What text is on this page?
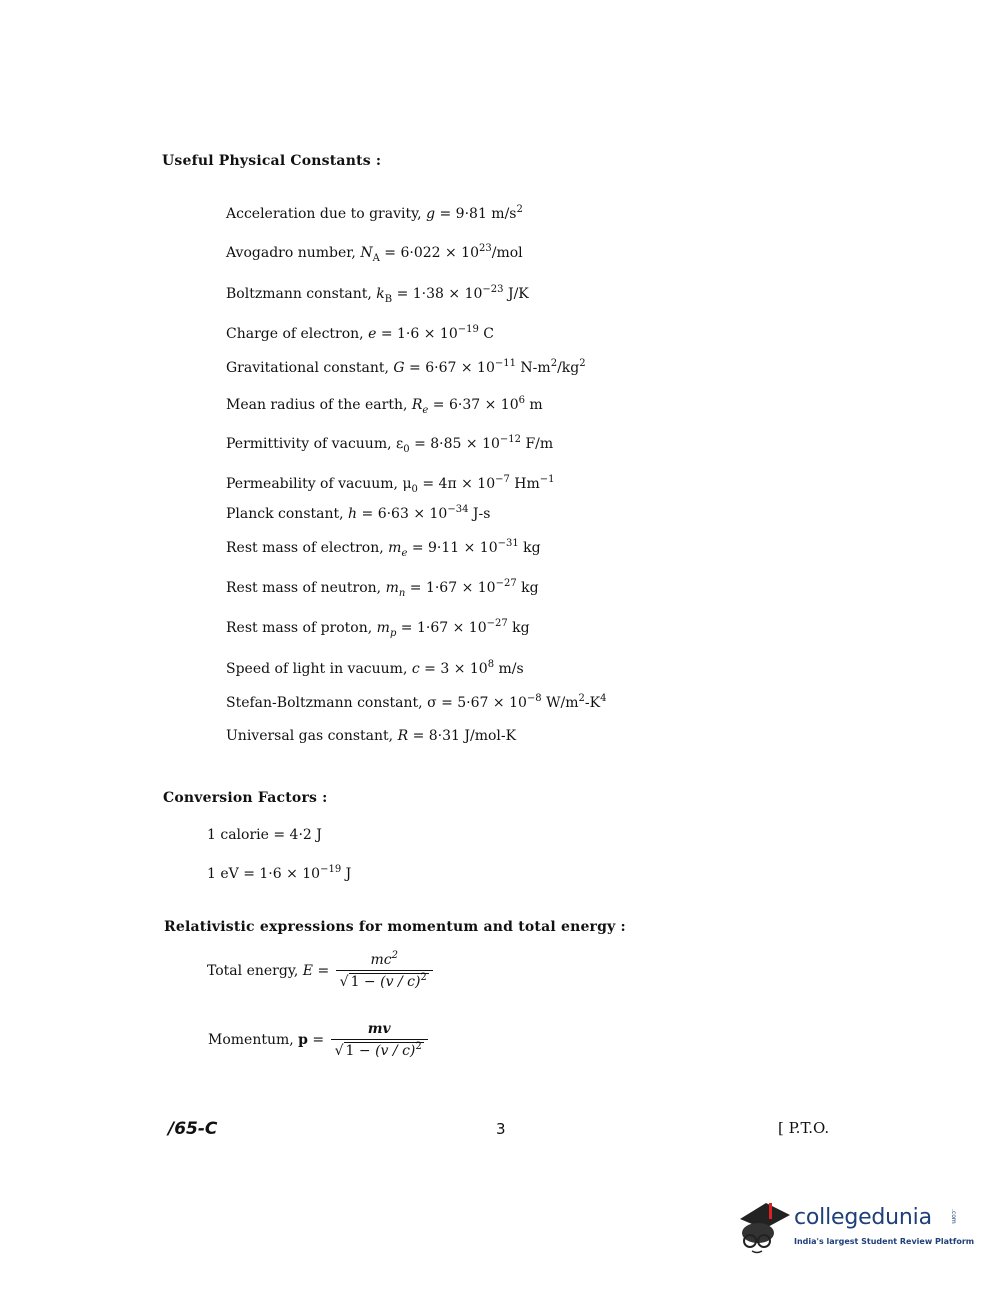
Useful Physical Constants :
Conversion Factors :
Relativistic expressions for momentum and total energy :
Acceleration due to gravity, g = 9·81 $m/s^2$
Avogadro number, $N_A = 6\cdot 022 \times 10^{23}/mol$
Boltzmann constant, $k_B = 1\cdot 38 \times 10^{-23}$ J/K
Charge of electron, $e = 1\cdot 6 \times 10^{-19}$ C
Gravitational constant, $G = 6\cdot 67 \times 10^{-11}$ $N-m^2/kg^2$
Mean radius of the earth, $R_e = 6\cdot 37 \times 10^6$ m
Permittivity of vacuum, $\varepsilon_0 = 8\cdot 85 \times 10^{-12}$ F/m
Permeability of vacuum, $\mu_0 = 4\pi \times 10^{-7}$ $Hm^{-1}$
Planck constant, $h = 6\cdot 63 \times 10^{-34}$ J-s
Rest mass of electron, $m_e = 9\cdot 11 \times 10^{-31}$ kg
Rest mass of neutron, $m_n = 1\cdot 67 \times 10^{-27}$ kg
Rest mass of proton, $m_p = 1\cdot 67 \times 10^{-27}$ kg
Speed of light in vacuum, $c = 3 \times 10^8$ m/s
Stefan-Boltzmann constant, $\sigma = 5\cdot 67 \times 10^{-8}$ $W/m^2-K^4$
Universal gas constant, R = 8·31 J/mol-K
1 calorie = 4·2 J
1 eV = $1\cdot 6 \times 10^{-19}$ J
Total energy, $E = \frac{mc^2}{√ 1 - (v / c)^2}$
Momentum, $p = \frac{mv}{√ 1 - (v / c)^2}$
/65-C	3	[ P.T.O.
collegedunia	.com
India's largest Student Review Platform
